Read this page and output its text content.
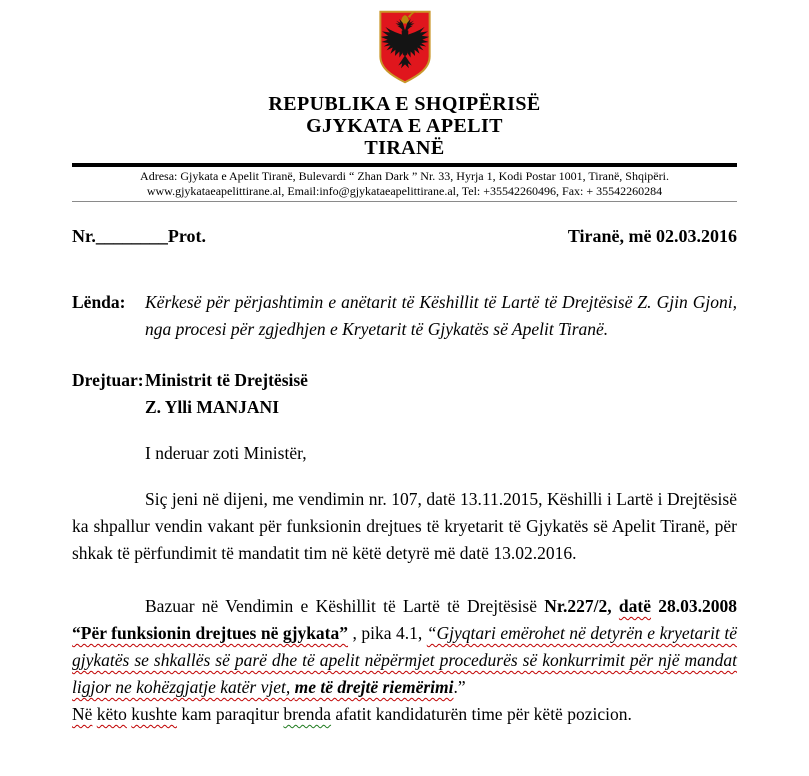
REPUBLIKA E SHQIPËRISË
GJYKATA E APELIT
TIRANË
Adresa: Gjykata e Apelit Tiranë, Bulevardi “ Zhan Dark ” Nr. 33, Hyrja 1, Kodi Postar 1001, Tiranë, Shqipëri.
www.gjykataeapelittirane.al, Email:info@gjykataeapelittirane.al, Tel: +35542260496, Fax: + 35542260284
Nr.________Prot.	Tiranë, më 02.03.2016
Lënda:	Kërkesë për përjashtimin e anëtarit të Këshillit të Lartë të Drejtësisë Z. Gjin Gjoni, nga procesi për zgjedhjen e Kryetarit të Gjykatës së Apelit Tiranë.
Drejtuar: Ministrit të Drejtësisë
Z. Ylli MANJANI

I nderuar zoti Ministër,

Siç jeni në dijeni, me vendimin nr. 107, datë 13.11.2015, Këshilli i Lartë i Drejtësisë ka shpallur vendin vakant për funksionin drejtues të kryetarit të Gjykatës së Apelit Tiranë, për shkak të përfundimit të mandatit tim në këtë detyrë më datë 13.02.2016.

Bazuar në Vendimin e Këshillit të Lartë të Drejtësisë Nr.227/2, datë 28.03.2008 “Për funksionin drejtues në gjykata” , pika 4.1, “Gjyqtari emërohet në detyrën e kryetarit të gjykatës se shkallës së parë dhe të apelit nëpërmjet procedurës së konkurrimit për një mandat ligjor ne kohëzgjatje katër vjet, me të drejtë riemërimi.”

Në këto kushte kam paraqitur brenda afatit kandidaturën time për këtë pozicion.
